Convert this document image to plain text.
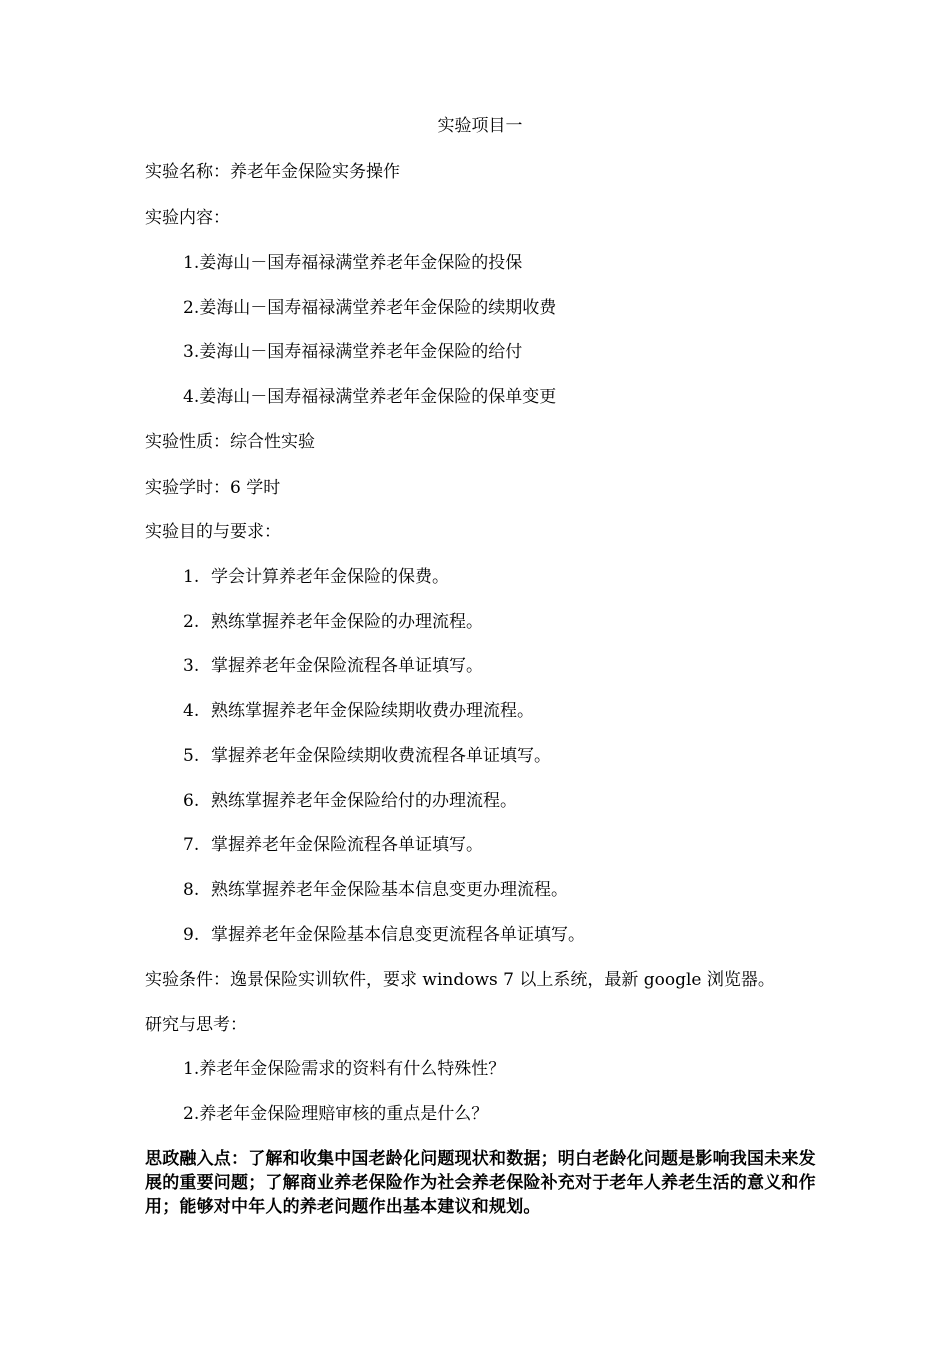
实验项目一
实验名称：养老年金保险实务操作
实验内容：
1.姜海山－国寿福禄满堂养老年金保险的投保
2.姜海山－国寿福禄满堂养老年金保险的续期收费
3.姜海山－国寿福禄满堂养老年金保险的给付
4.姜海山－国寿福禄满堂养老年金保险的保单变更
实验性质：综合性实验
实验学时：6 学时
实验目的与要求：
1. 学会计算养老年金保险的保费。
2. 熟练掌握养老年金保险的办理流程。
3. 掌握养老年金保险流程各单证填写。
4. 熟练掌握养老年金保险续期收费办理流程。
5. 掌握养老年金保险续期收费流程各单证填写。
6. 熟练掌握养老年金保险给付的办理流程。
7. 掌握养老年金保险流程各单证填写。
8. 熟练掌握养老年金保险基本信息变更办理流程。
9. 掌握养老年金保险基本信息变更流程各单证填写。
实验条件：逸景保险实训软件，要求 windows 7 以上系统，最新 google 浏览器。
研究与思考：
1.养老年金保险需求的资料有什么特殊性？
2.养老年金保险理赔审核的重点是什么？
思政融入点：了解和收集中国老龄化问题现状和数据；明白老龄化问题是影响我国未来发展的重要问题；了解商业养老保险作为社会养老保险补充对于老年人养老生活的意义和作用；能够对中年人的养老问题作出基本建议和规划。
